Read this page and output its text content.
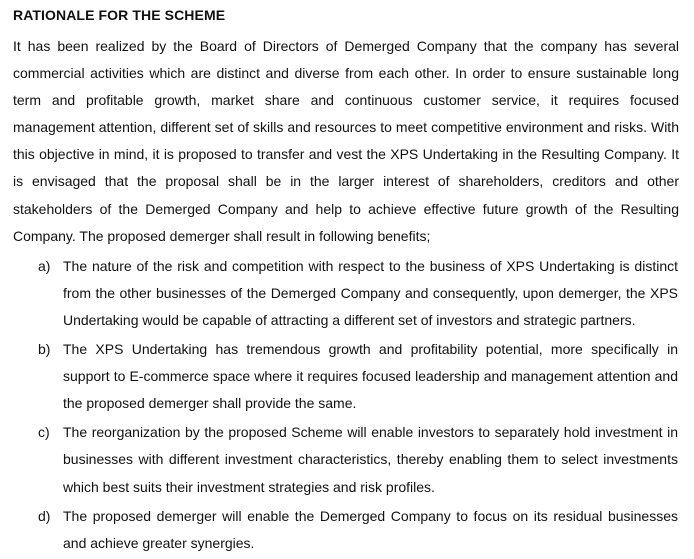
RATIONALE FOR THE SCHEME

It has been realized by the Board of Directors of Demerged Company that the company has several commercial activities which are distinct and diverse from each other. In order to ensure sustainable long term and profitable growth, market share and continuous customer service, it requires focused management attention, different set of skills and resources to meet competitive environment and risks. With this objective in mind, it is proposed to transfer and vest the XPS Undertaking in the Resulting Company. It is envisaged that the proposal shall be in the larger interest of shareholders, creditors and other stakeholders of the Demerged Company and help to achieve effective future growth of the Resulting Company. The proposed demerger shall result in following benefits;

a) The nature of the risk and competition with respect to the business of XPS Undertaking is distinct from the other businesses of the Demerged Company and consequently, upon demerger, the XPS Undertaking would be capable of attracting a different set of investors and strategic partners.
b) The XPS Undertaking has tremendous growth and profitability potential, more specifically in support to E-commerce space where it requires focused leadership and management attention and the proposed demerger shall provide the same.
c) The reorganization by the proposed Scheme will enable investors to separately hold investment in businesses with different investment characteristics, thereby enabling them to select investments which best suits their investment strategies and risk profiles.
d) The proposed demerger will enable the Demerged Company to focus on its residual businesses and achieve greater synergies.
